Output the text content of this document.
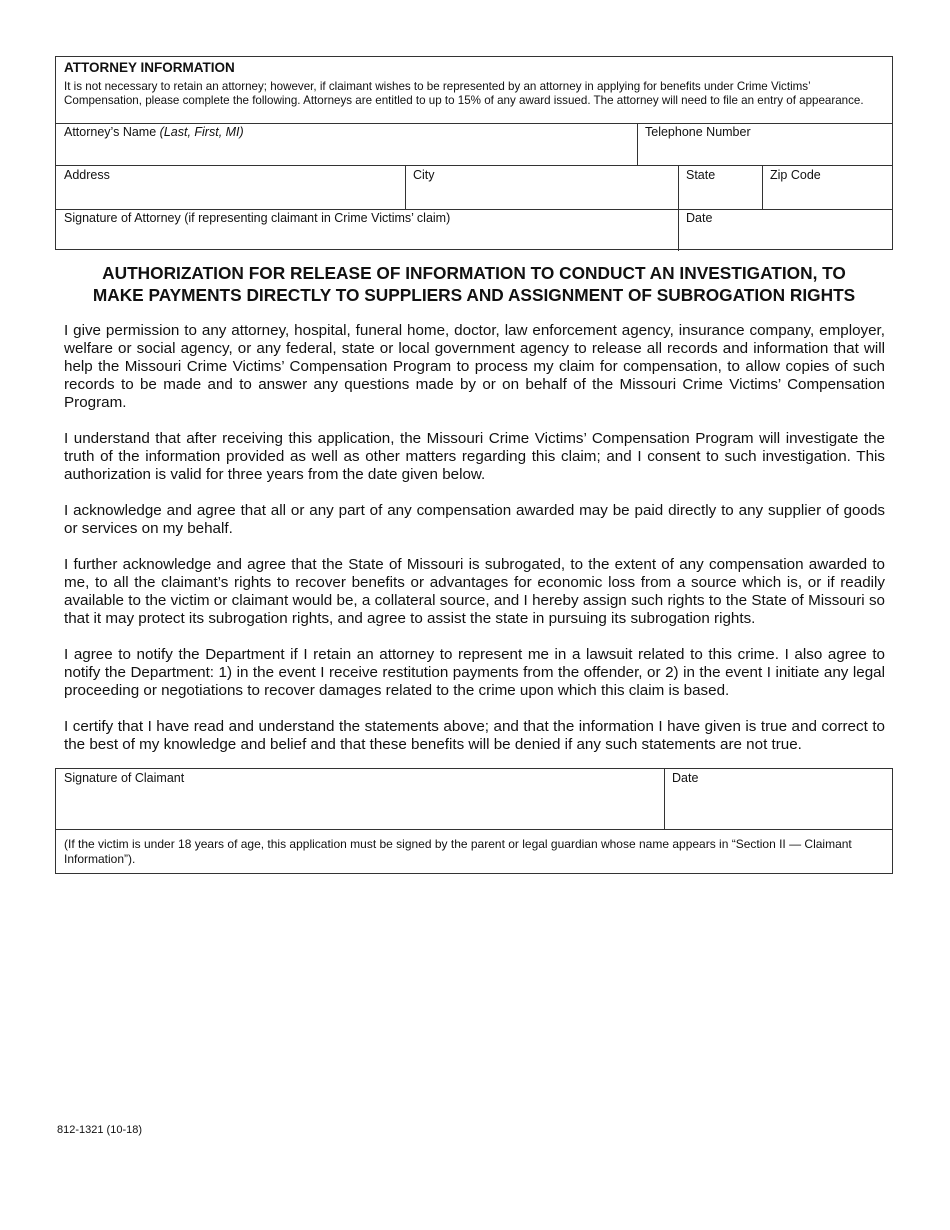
ATTORNEY INFORMATION
It is not necessary to retain an attorney; however, if claimant wishes to be represented by an attorney in applying for benefits under Crime Victims’ Compensation, please complete the following. Attorneys are entitled to up to 15% of any award issued. The attorney will need to file an entry of appearance.
Attorney’s Name (Last, First, MI)	Telephone Number
Address	City	State	Zip Code
Signature of Attorney (if representing claimant in Crime Victims’ claim)	Date
AUTHORIZATION FOR RELEASE OF INFORMATION TO CONDUCT AN INVESTIGATION, TO
MAKE PAYMENTS DIRECTLY TO SUPPLIERS AND ASSIGNMENT OF SUBROGATION RIGHTS

I give permission to any attorney, hospital, funeral home, doctor, law enforcement agency, insurance company, employer, welfare or social agency, or any federal, state or local government agency to release all records and information that will help the Missouri Crime Victims’ Compensation Program to process my claim for compensation, to allow copies of such records to be made and to answer any questions made by or on behalf of the Missouri Crime Victims’ Compensation Program.

I understand that after receiving this application, the Missouri Crime Victims’ Compensation Program will investigate the truth of the information provided as well as other matters regarding this claim; and I consent to such investigation. This authorization is valid for three years from the date given below.

I acknowledge and agree that all or any part of any compensation awarded may be paid directly to any supplier of goods or services on my behalf.

I further acknowledge and agree that the State of Missouri is subrogated, to the extent of any compensation awarded to me, to all the claimant’s rights to recover benefits or advantages for economic loss from a source which is, or if readily available to the victim or claimant would be, a collateral source, and I hereby assign such rights to the State of Missouri so that it may protect its subrogation rights, and agree to assist the state in pursuing its subrogation rights.

I agree to notify the Department if I retain an attorney to represent me in a lawsuit related to this crime. I also agree to notify the Department: 1) in the event I receive restitution payments from the offender, or 2) in the event I initiate any legal proceeding or negotiations to recover damages related to the crime upon which this claim is based.

I certify that I have read and understand the statements above; and that the information I have given is true and correct to the best of my knowledge and belief and that these benefits will be denied if any such statements are not true.

Signature of Claimant	Date
(If the victim is under 18 years of age, this application must be signed by the parent or legal guardian whose name appears in “Section II — Claimant Information”).
812-1321 (10-18)
